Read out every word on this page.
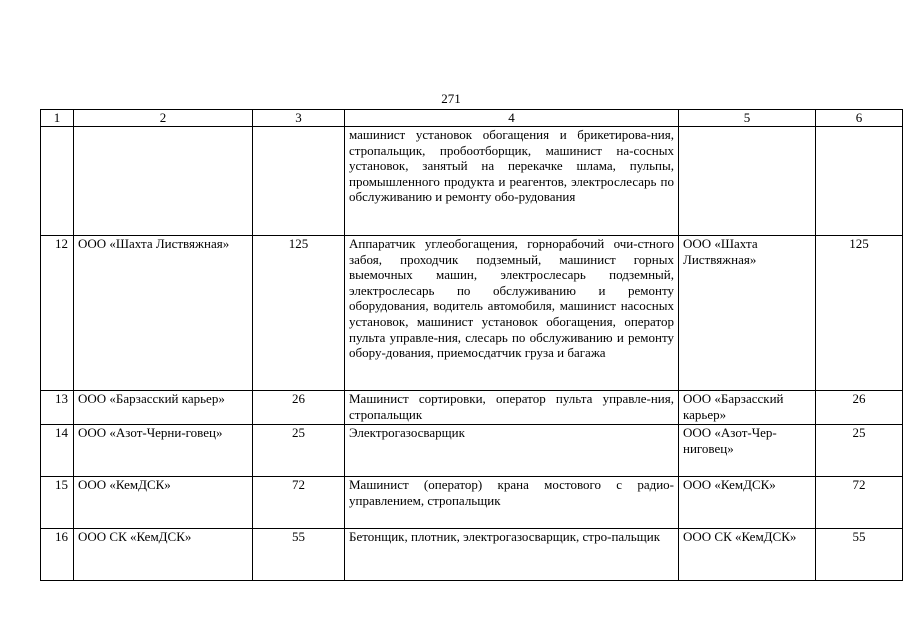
271
1	2	3	4	5	6
			машинист установок обогащения и брикетирова-ния, стропальщик, пробоотборщик, машинист на-сосных установок, занятый на перекачке шлама, пульпы, промышленного продукта и реагентов, электрослесарь по обслуживанию и ремонту обо-рудования		
12	ООО «Шахта Листвяжная»	125	Аппаратчик углеобогащения, горнорабочий очи-стного забоя, проходчик подземный, машинист горных выемочных машин, электрослесарь подземный, электрослесарь по обслуживанию и ремонту оборудования, водитель автомобиля, машинист насосных установок, машинист установок обогащения, оператор пульта управле-ния, слесарь по обслуживанию и ремонту обору-дования, приемосдатчик груза и багажа	ООО «Шахта Листвяжная»	125
13	ООО «Барзасский карьер»	26	Машинист сортировки, оператор пульта управле-ния, стропальщик	ООО «Барзасский карьер»	26
14	ООО «Азот-Черни-говец»	25	Электрогазосварщик	ООО «Азот-Чер-ниговец»	25
15	ООО «КемДСК»	72	Машинист (оператор) крана мостового с радио-управлением, стропальщик	ООО «КемДСК»	72
16	ООО СК «КемДСК»	55	Бетонщик, плотник, электрогазосварщик, стро-пальщик	ООО СК «КемДСК»	55
